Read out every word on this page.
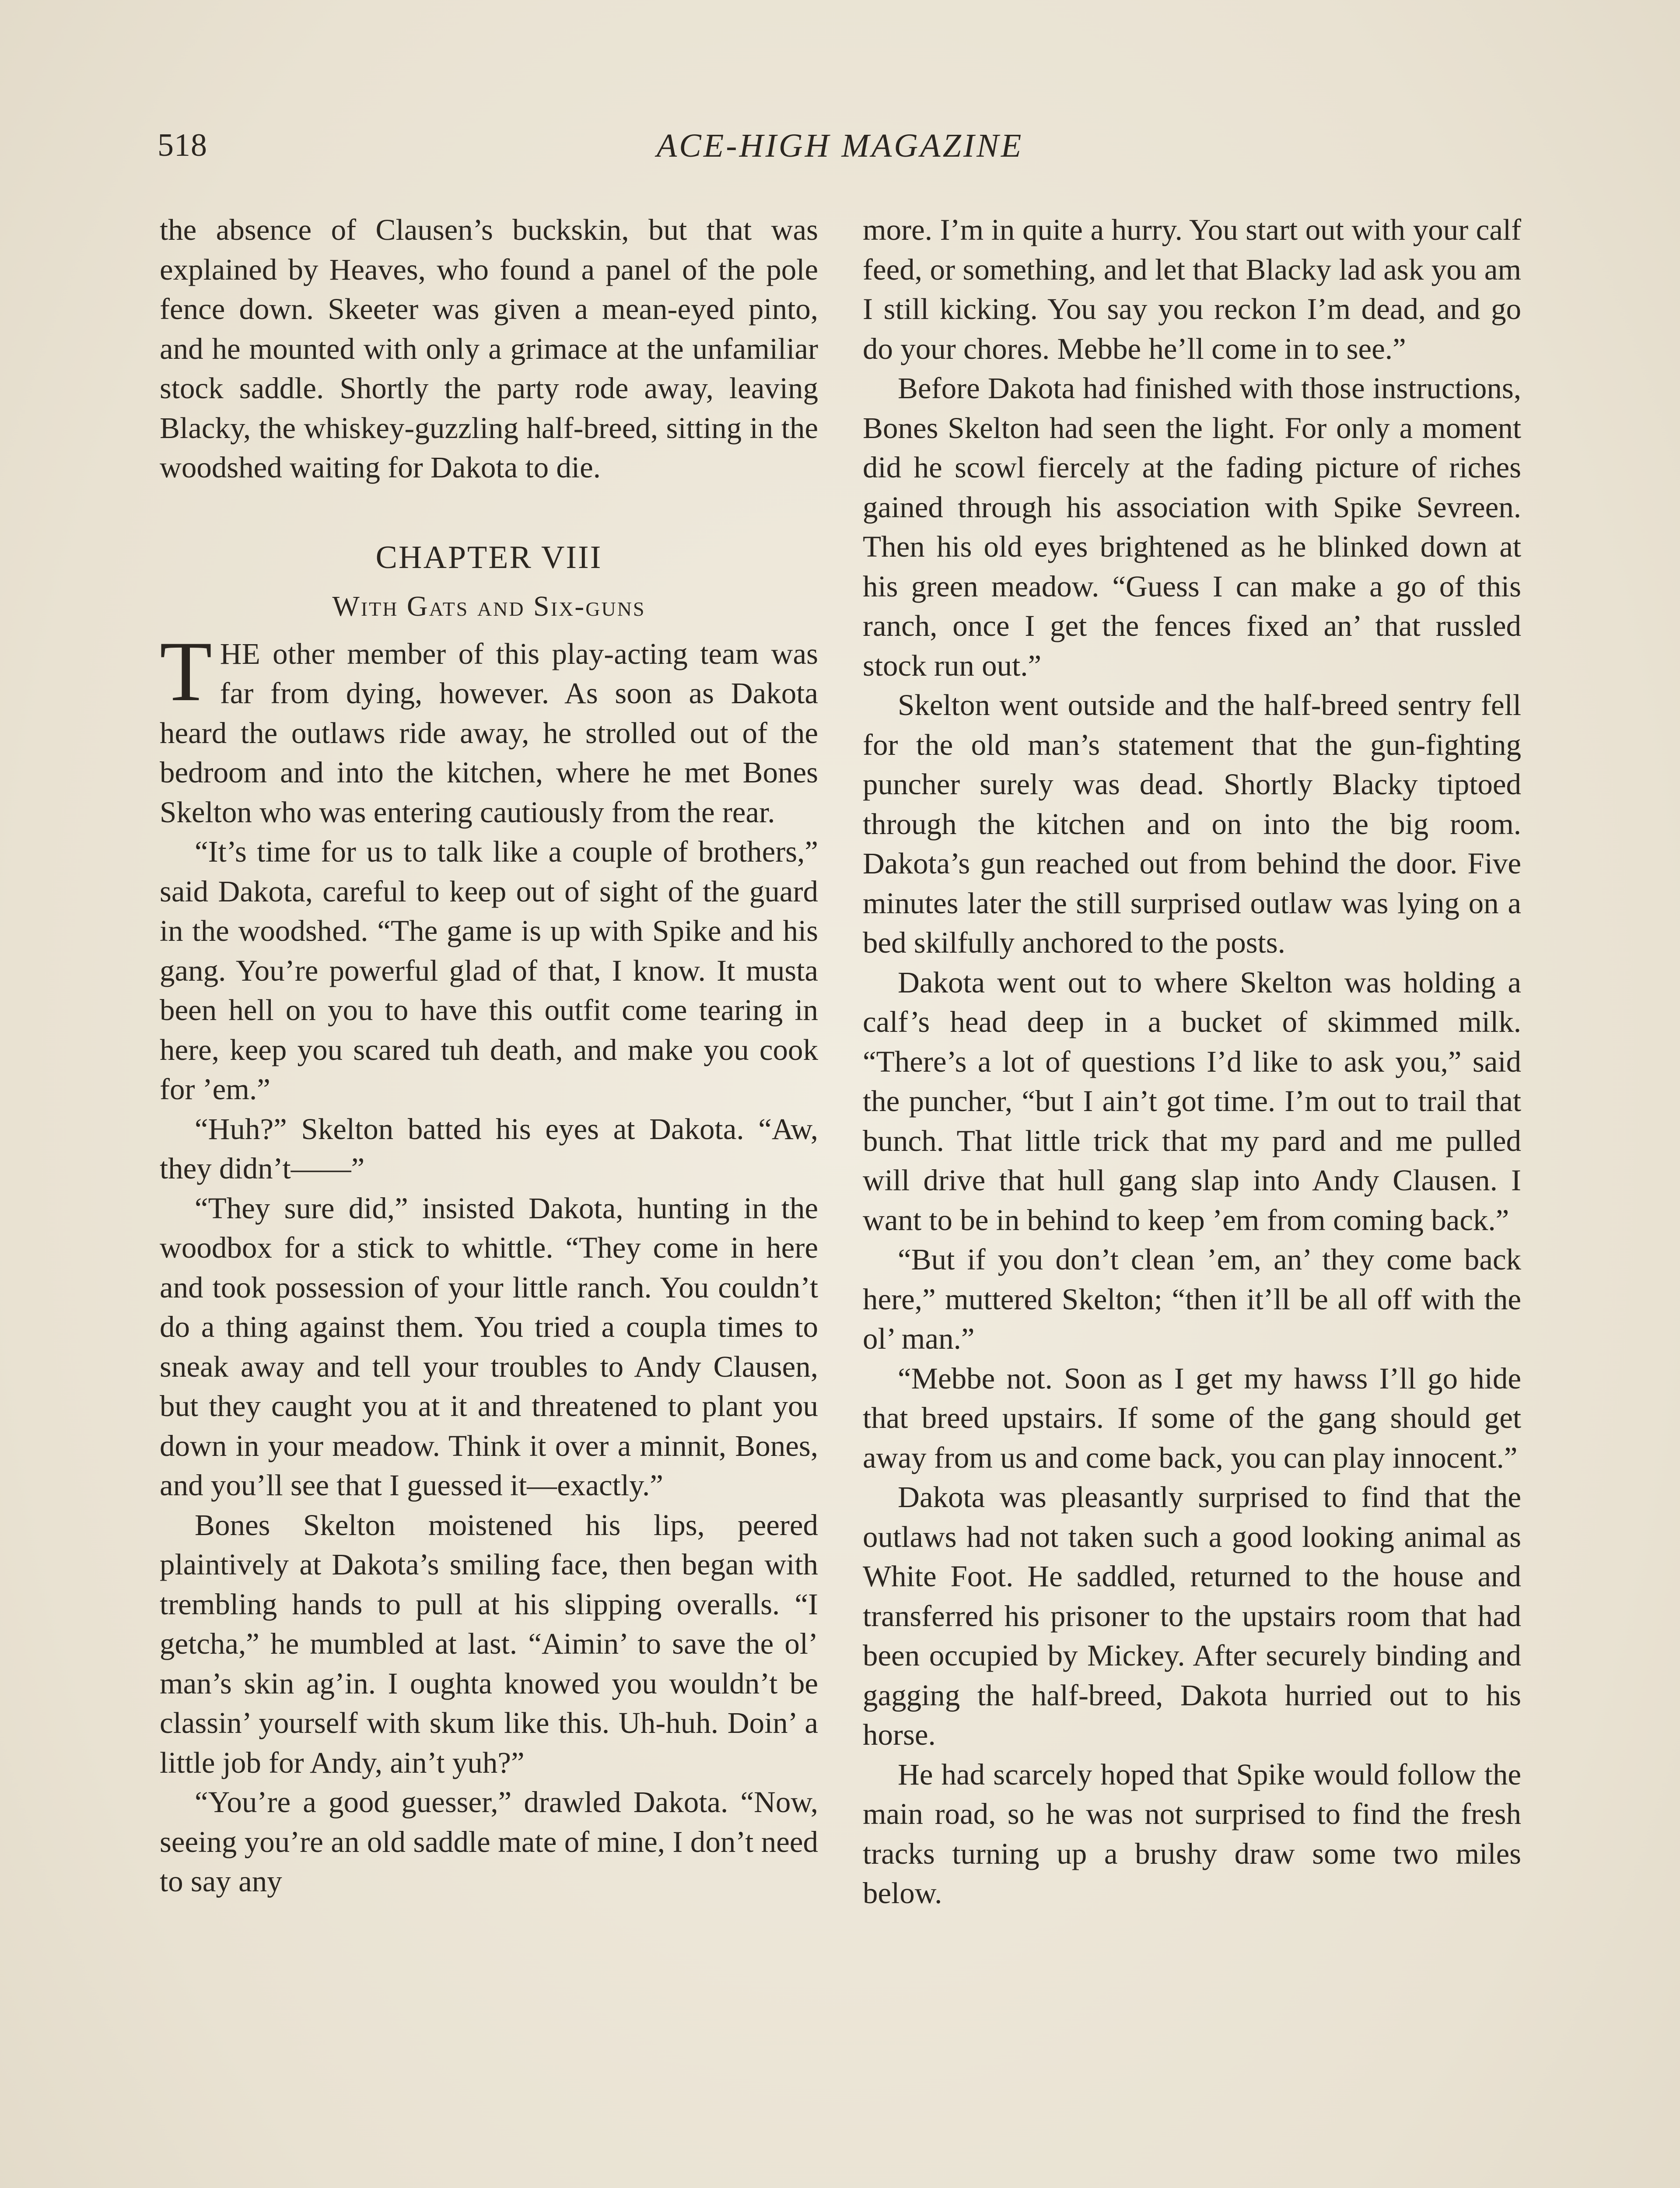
518	ACE-HIGH MAGAZINE

the absence of Clausen’s buckskin, but that was explained by Heaves, who found a panel of the pole fence down. Skeeter was given a mean-eyed pinto, and he mounted with only a grimace at the unfamiliar stock saddle. Shortly the party rode away, leaving Blacky, the whiskey-guzzling half-breed, sitting in the woodshed waiting for Dakota to die.

CHAPTER VIII
With Gats and Six-guns

THE other member of this play-acting team was far from dying, however. As soon as Dakota heard the outlaws ride away, he strolled out of the bedroom and into the kitchen, where he met Bones Skelton who was entering cautiously from the rear.

“It’s time for us to talk like a couple of brothers,” said Dakota, careful to keep out of sight of the guard in the woodshed. “The game is up with Spike and his gang. You’re powerful glad of that, I know. It musta been hell on you to have this outfit come tearing in here, keep you scared tuh death, and make you cook for ’em.”

“Huh?” Skelton batted his eyes at Dakota. “Aw, they didn’t——”

“They sure did,” insisted Dakota, hunting in the woodbox for a stick to whittle. “They come in here and took possession of your little ranch. You couldn’t do a thing against them. You tried a coupla times to sneak away and tell your troubles to Andy Clausen, but they caught you at it and threatened to plant you down in your meadow. Think it over a minnit, Bones, and you’ll see that I guessed it—exactly.”

Bones Skelton moistened his lips, peered plaintively at Dakota’s smiling face, then began with trembling hands to pull at his slipping overalls. “I getcha,” he mumbled at last. “Aimin’ to save the ol’ man’s skin ag’in. I oughta knowed you wouldn’t be classin’ yourself with skum like this. Uh-huh. Doin’ a little job for Andy, ain’t yuh?”

“You’re a good guesser,” drawled Dakota. “Now, seeing you’re an old saddle mate of mine, I don’t need to say any

more. I’m in quite a hurry. You start out with your calf feed, or something, and let that Blacky lad ask you am I still kicking. You say you reckon I’m dead, and go do your chores. Mebbe he’ll come in to see.”

Before Dakota had finished with those instructions, Bones Skelton had seen the light. For only a moment did he scowl fiercely at the fading picture of riches gained through his association with Spike Sevreen. Then his old eyes brightened as he blinked down at his green meadow. “Guess I can make a go of this ranch, once I get the fences fixed an’ that russled stock run out.”

Skelton went outside and the half-breed sentry fell for the old man’s statement that the gun-fighting puncher surely was dead. Shortly Blacky tiptoed through the kitchen and on into the big room. Dakota’s gun reached out from behind the door. Five minutes later the still surprised outlaw was lying on a bed skilfully anchored to the posts.

Dakota went out to where Skelton was holding a calf’s head deep in a bucket of skimmed milk. “There’s a lot of questions I’d like to ask you,” said the puncher, “but I ain’t got time. I’m out to trail that bunch. That little trick that my pard and me pulled will drive that hull gang slap into Andy Clausen. I want to be in behind to keep ’em from coming back.”

“But if you don’t clean ’em, an’ they come back here,” muttered Skelton; “then it’ll be all off with the ol’ man.”

“Mebbe not. Soon as I get my hawss I’ll go hide that breed upstairs. If some of the gang should get away from us and come back, you can play innocent.”

Dakota was pleasantly surprised to find that the outlaws had not taken such a good looking animal as White Foot. He saddled, returned to the house and transferred his prisoner to the upstairs room that had been occupied by Mickey. After securely binding and gagging the half-breed, Dakota hurried out to his horse.

He had scarcely hoped that Spike would follow the main road, so he was not surprised to find the fresh tracks turning up a brushy draw some two miles below.
